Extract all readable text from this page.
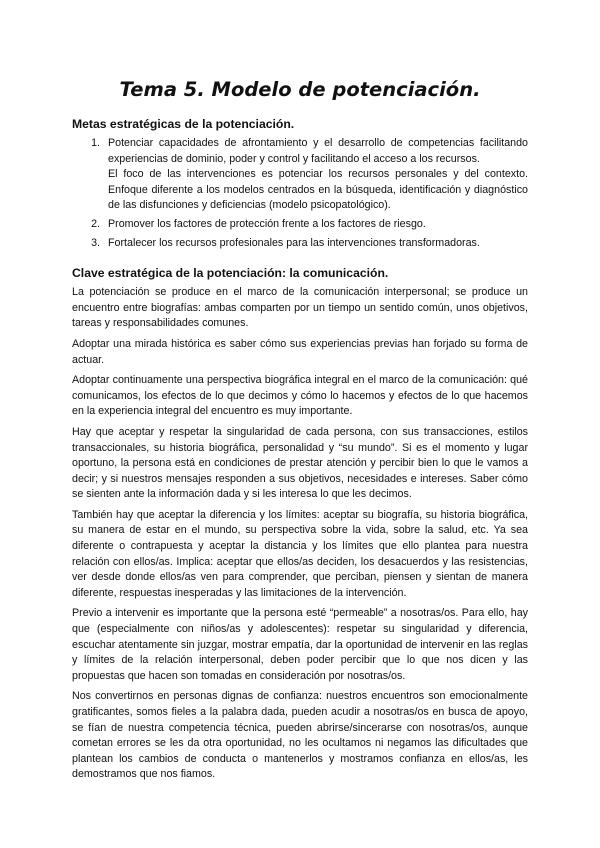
Tema 5. Modelo de potenciación.
Metas estratégicas de la potenciación.
1. Potenciar capacidades de afrontamiento y el desarrollo de competencias facilitando experiencias de dominio, poder y control y facilitando el acceso a los recursos.
El foco de las intervenciones es potenciar los recursos personales y del contexto. Enfoque diferente a los modelos centrados en la búsqueda, identificación y diagnóstico de las disfunciones y deficiencias (modelo psicopatológico).
2. Promover los factores de protección frente a los factores de riesgo.
3. Fortalecer los recursos profesionales para las intervenciones transformadoras.
Clave estratégica de la potenciación: la comunicación.

La potenciación se produce en el marco de la comunicación interpersonal; se produce un encuentro entre biografías: ambas comparten por un tiempo un sentido común, unos objetivos, tareas y responsabilidades comunes.

Adoptar una mirada histórica es saber cómo sus experiencias previas han forjado su forma de actuar.

Adoptar continuamente una perspectiva biográfica integral en el marco de la comunicación: qué comunicamos, los efectos de lo que decimos y cómo lo hacemos y efectos de lo que hacemos en la experiencia integral del encuentro es muy importante.

Hay que aceptar y respetar la singularidad de cada persona, con sus transacciones, estilos transaccionales, su historia biográfica, personalidad y “su mundo”. Si es el momento y lugar oportuno, la persona está en condiciones de prestar atención y percibir bien lo que le vamos a decir; y si nuestros mensajes responden a sus objetivos, necesidades e intereses. Saber cómo se sienten ante la información dada y si les interesa lo que les decimos.

También hay que aceptar la diferencia y los límites: aceptar su biografía, su historia biográfica, su manera de estar en el mundo, su perspectiva sobre la vida, sobre la salud, etc. Ya sea diferente o contrapuesta y aceptar la distancia y los límites que ello plantea para nuestra relación con ellos/as. Implica: aceptar que ellos/as deciden, los desacuerdos y las resistencias, ver desde donde ellos/as ven para comprender, que perciban, piensen y sientan de manera diferente, respuestas inesperadas y las limitaciones de la intervención.

Previo a intervenir es importante que la persona esté “permeable” a nosotras/os. Para ello, hay que (especialmente con niños/as y adolescentes): respetar su singularidad y diferencia, escuchar atentamente sin juzgar, mostrar empatía, dar la oportunidad de intervenir en las reglas y límites de la relación interpersonal, deben poder percibir que lo que nos dicen y las propuestas que hacen son tomadas en consideración por nosotras/os.

Nos convertirnos en personas dignas de confianza: nuestros encuentros son emocionalmente gratificantes, somos fieles a la palabra dada, pueden acudir a nosotras/os en busca de apoyo, se fían de nuestra competencia técnica, pueden abrirse/sincerarse con nosotras/os, aunque cometan errores se les da otra oportunidad, no les ocultamos ni negamos las dificultades que plantean los cambios de conducta o mantenerlos y mostramos confianza en ellos/as, les demostramos que nos fiamos.
